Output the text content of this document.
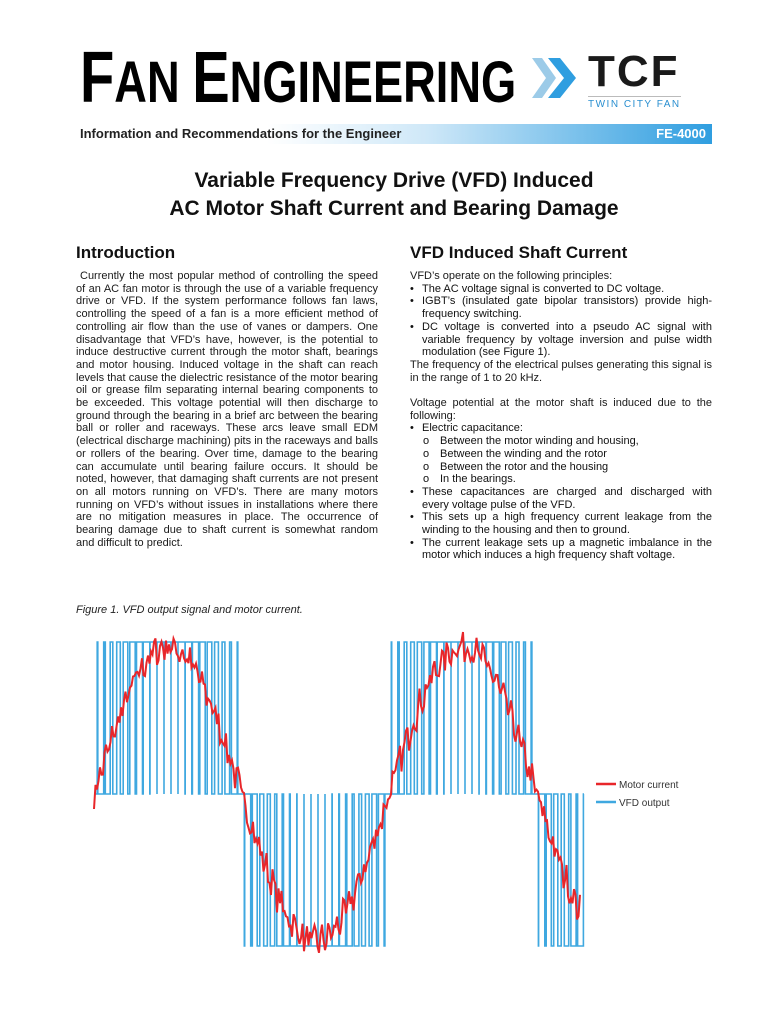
FAN ENGINEERING TCF
TWIN CITY FAN
Information and Recommendations for the Engineer	FE-4000
Variable Frequency Drive (VFD) Induced
AC Motor Shaft Current and Bearing Damage
Introduction

Currently the most popular method of controlling the speed of an AC fan motor is through the use of a variable frequency drive or VFD. If the system performance follows fan laws, controlling the speed of a fan is a more efficient method of controlling air flow than the use of vanes or dampers. One disadvantage that VFD’s have, however, is the potential to induce destructive current through the motor shaft, bearings and motor housing. Induced voltage in the shaft can reach levels that cause the dielectric resistance of the motor bearing oil or grease film separating internal bearing components to be exceeded. This voltage potential will then discharge to ground through the bearing in a brief arc between the bearing ball or roller and raceways. These arcs leave small EDM (electrical discharge machining) pits in the raceways and balls or rollers of the bearing. Over time, damage to the bearing can accumulate until bearing failure occurs. It should be noted, however, that damaging shaft currents are not present on all motors running on VFD’s. There are many motors running on VFD’s without issues in installations where there are no mitigation measures in place. The occurrence of bearing damage due to shaft current is somewhat random and difficult to predict.

VFD Induced Shaft Current

VFD’s operate on the following principles:

• The AC voltage signal is converted to DC voltage.
• IGBT’s (insulated gate bipolar transistors) provide high-frequency switching.
• DC voltage is converted into a pseudo AC signal with variable frequency by voltage inversion and pulse width modulation (see Figure 1).

The frequency of the electrical pulses generating this signal is in the range of 1 to 20 kHz.

Voltage potential at the motor shaft is induced due to the following:

• Electric capacitance:
o Between the motor winding and housing,
o Between the winding and the rotor
o Between the rotor and the housing
o In the bearings.
• These capacitances are charged and discharged with every voltage pulse of the VFD.
• This sets up a high frequency current leakage from the winding to the housing and then to ground.
• The current leakage sets up a magnetic imbalance in the motor which induces a high frequency shaft voltage.
Figure 1. VFD output signal and motor current.
Motor current
VFD output
